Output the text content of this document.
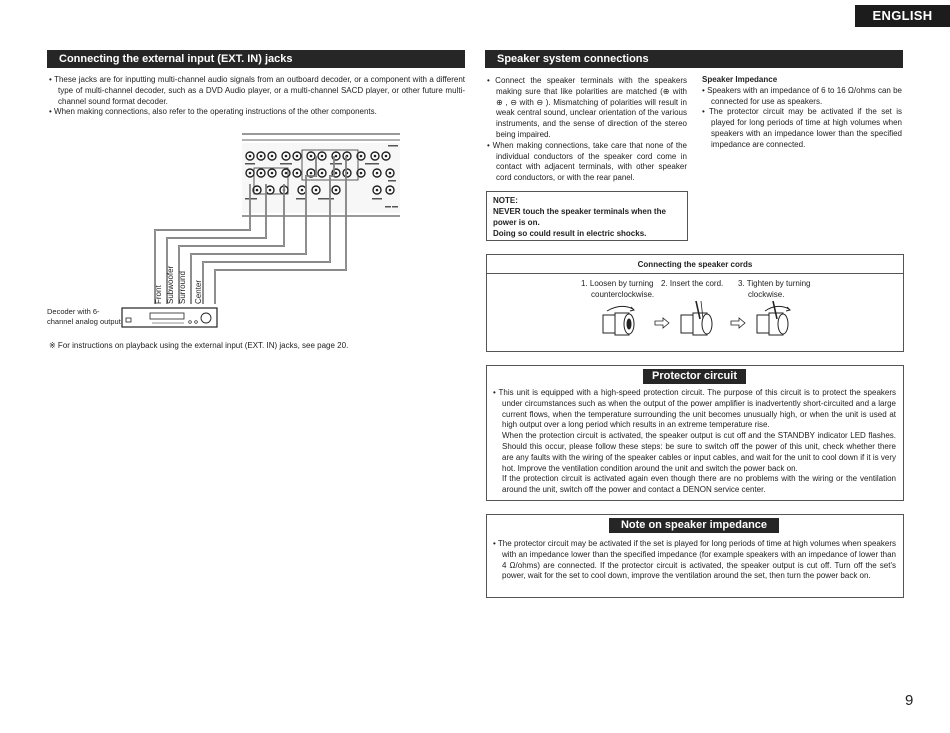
ENGLISH
Connecting the external input (EXT. IN) jacks

• These jacks are for inputting multi-channel audio signals from an outboard decoder, or a component with a different type of multi-channel decoder, such as a DVD Audio player, or a multi-channel SACD player, or other future multi-channel sound format decoder.

• When making connections, also refer to the operating instructions of the other components.

Front Subwoofer Surround Center
Decoder with 6-
channel analog output
※ For instructions on playback using the external input (EXT. IN) jacks, see page 20.
Speaker system connections

• Connect the speaker terminals with the speakers making sure that like polarities are matched (⊕ with ⊕ , ⊖ with ⊖ ). Mismatching of polarities will result in weak central sound, unclear orientation of the various instruments, and the sense of direction of the stereo being impaired.

• When making connections, take care that none of the individual conductors of the speaker cord come in contact with adjacent terminals, with other speaker cord conductors, or with the rear panel.

Speaker Impedance

• Speakers with an impedance of 6 to 16 Ω/ohms can be connected for use as speakers.

• The protector circuit may be activated if the set is played for long periods of time at high volumes when speakers with an impedance lower than the specified impedance are connected.

NOTE:
NEVER touch the speaker terminals when the power is on.
Doing so could result in electric shocks.
Connecting the speaker cords

1. Loosen by turning

counterclockwise.

2. Insert the cord.	3. Tighten by turning

clockwise.

Protector circuit

• This unit is equipped with a high-speed protection circuit. The purpose of this circuit is to protect the speakers under circumstances such as when the output of the power amplifier is inadvertently short-circuited and a large current flows, when the temperature surrounding the unit becomes unusually high, or when the unit is used at high output over a long period which results in an extreme temperature rise.

When the protection circuit is activated, the speaker output is cut off and the STANDBY indicator LED flashes. Should this occur, please follow these steps: be sure to switch off the power of this unit, check whether there are any faults with the wiring of the speaker cables or input cables, and wait for the unit to cool down if it is very hot. Improve the ventilation condition around the unit and switch the power back on.

If the protection circuit is activated again even though there are no problems with the wiring or the ventilation around the unit, switch off the power and contact a DENON service center.

Note on speaker impedance

• The protector circuit may be activated if the set is played for long periods of time at high volumes when speakers with an impedance lower than the specified impedance (for example speakers with an impedance of lower than 4 Ω/ohms) are connected. If the protector circuit is activated, the speaker output is cut off. Turn off the set's power, wait for the set to cool down, improve the ventilation around the set, then turn the power back on.

9
